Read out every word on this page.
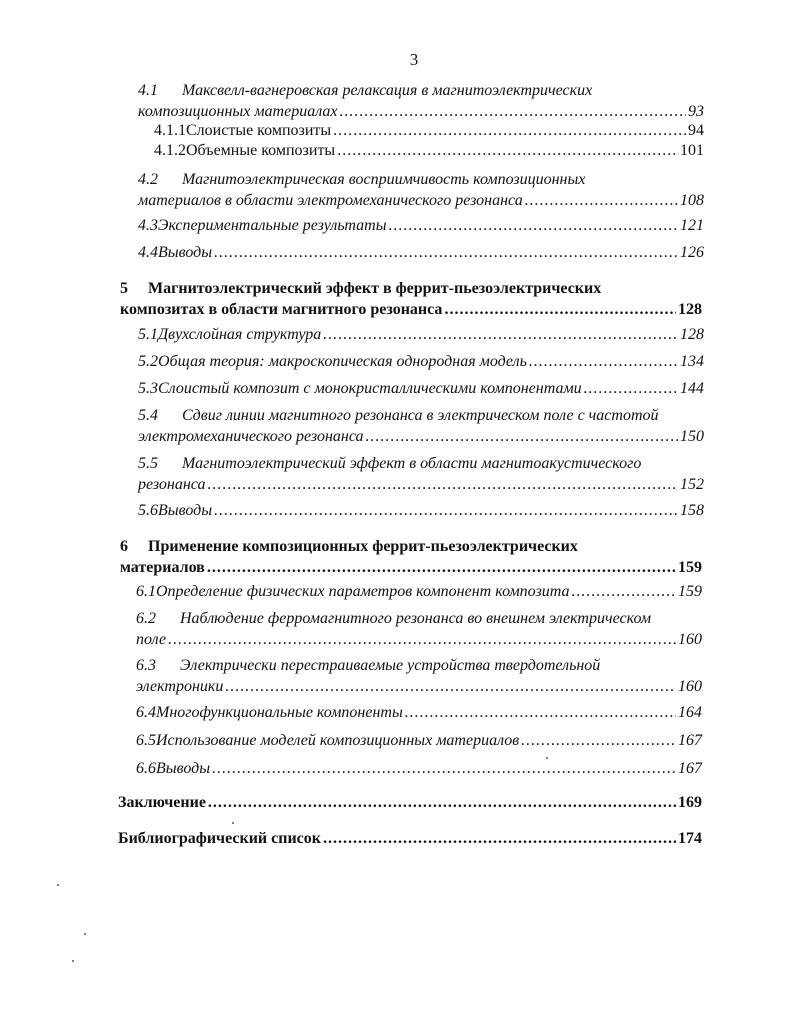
3
4.1	Максвелл-вагнеровская релаксация в магнитоэлектрических
композиционных материалах .....	93
4.1.1 Слоистые композиты .....	94
4.1.2 Объемные композиты .....	101
4.2	Магнитоэлектрическая восприимчивость композиционных
материалов в области электромеханического резонанса .....	108
4.3 Экспериментальные результаты .....	121
4.4 Выводы .....	126
5	Магнитоэлектрический эффект в феррит-пьезоэлектрических
композитах в области магнитного резонанса .....	128
5.1 Двухслойная структура .....	128
5.2 Общая теория: макроскопическая однородная модель .....	134
5.3 Слоистый композит с монокристаллическими компонентами .....	144
5.4	Сдвиг линии магнитного резонанса в электрическом поле с частотой
электромеханического резонанса .....	150
5.5	Магнитоэлектрический эффект в области магнитоакустического
резонанса .....	152
5.6 Выводы .....	158
6	Применение композиционных феррит-пьезоэлектрических
материалов .....	159
6.1 Определение физических параметров компонент композита .....	159
6.2	Наблюдение ферромагнитного резонанса во внешнем электрическом
поле .....	160
6.3	Электрически перестраиваемые устройства твердотельной
электроники .....	160
6.4 Многофункциональные компоненты .....	164
6.5 Использование моделей композиционных материалов .....	167
6.6 Выводы .....	167
Заключение .....	169
Библиографический список .....	174
